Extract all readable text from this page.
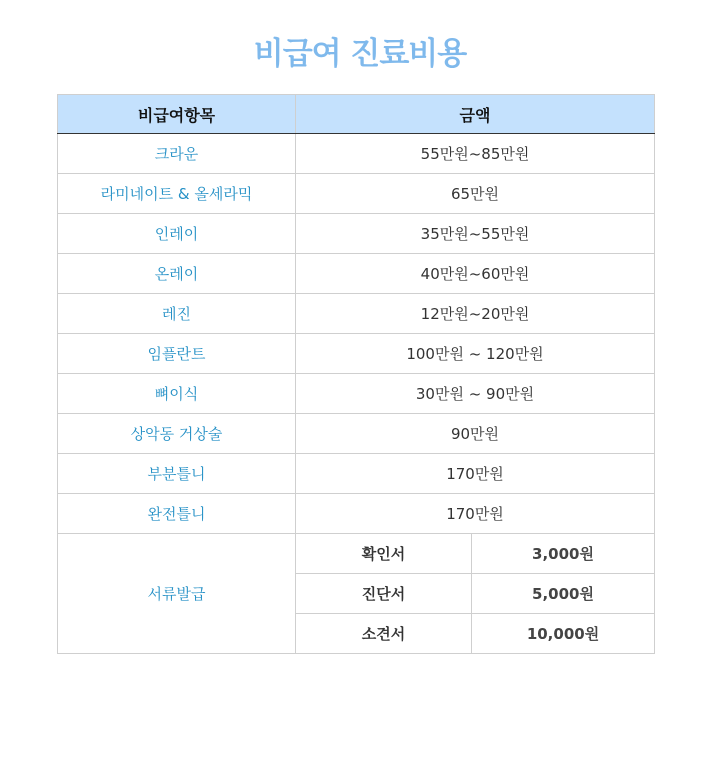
비급여 진료비용
비급여항목	금액	
크라운	55만원~85만원	
라미네이트 & 올세라믹	65만원	
인레이	35만원~55만원	
온레이	40만원~60만원	
레진	12만원~20만원	
임플란트	100만원 ~ 120만원	
뼈이식	30만원 ~ 90만원	
상악동 거상술	90만원	
부분틀니	170만원	
완전틀니	170만원	
서류발급	확인서	3,000원
	진단서	5,000원
	소견서	10,000원
